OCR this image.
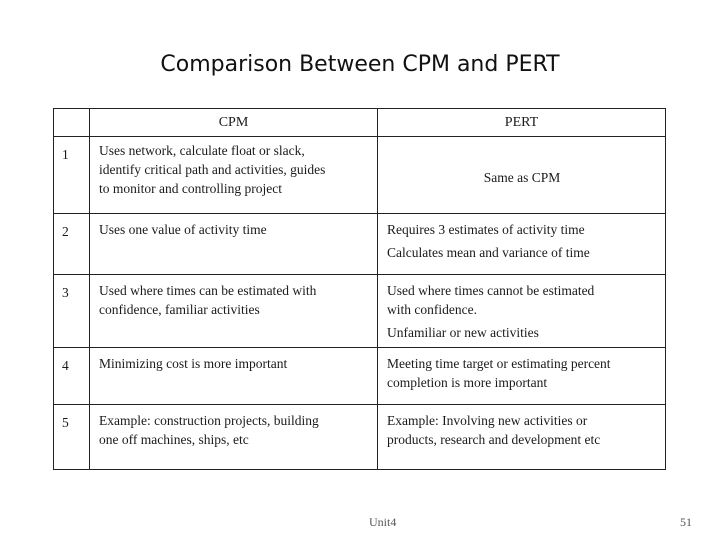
Comparison Between CPM and PERT
	CPM	PERT
1	Uses network, calculate float or slack,
identify critical path and activities, guides
to monitor and controlling project	Same as CPM

2	Uses one value of activity time	Requires 3 estimates of activity time
Calculates mean and variance of time

3	Used where times can be estimated with
confidence, familiar activities	Used where times cannot be estimated
with confidence.
Unfamiliar or new activities

4	Minimizing cost is more important	Meeting time target or estimating percent
completion is more important

5	Example: construction projects, building
one off machines, ships, etc	Example: Involving new activities or
products, research and development etc
Unit4	51
